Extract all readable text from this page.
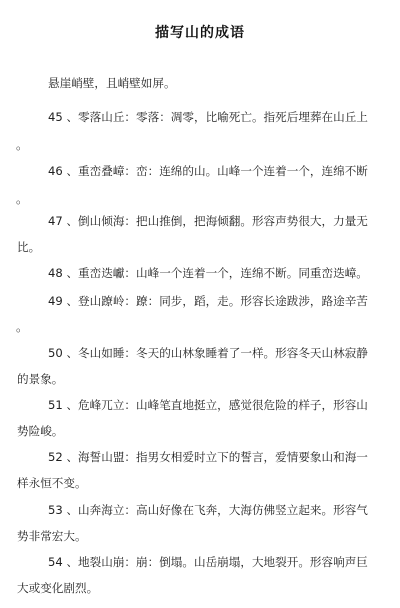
描写山的成语
悬崖峭壁，且峭壁如屏。
45 、零落山丘：零落：凋零，比喻死亡。指死后埋葬在山丘上
。
46 、重峦叠嶂：峦：连绵的山。山峰一个连着一个，连绵不断
。
47 、倒山倾海：把山推倒，把海倾翻。形容声势很大，力量无
比。
48 、重峦迭巘：山峰一个连着一个，连绵不断。同重峦迭嶂。
49 、登山蹽岭：蹽：同步，蹈，走。形容长途跋涉，路途辛苦
。
50 、冬山如睡：冬天的山林象睡着了一样。形容冬天山林寂静
的景象。
51 、危峰兀立：山峰笔直地挺立，感觉很危险的样子，形容山
势险峻。
52 、海誓山盟：指男女相爱时立下的誓言，爱情要象山和海一
样永恒不变。
53 、山奔海立：高山好像在飞奔，大海仿佛竖立起来。形容气
势非常宏大。
54 、地裂山崩：崩：倒塌。山岳崩塌，大地裂开。形容响声巨
大或变化剧烈。
